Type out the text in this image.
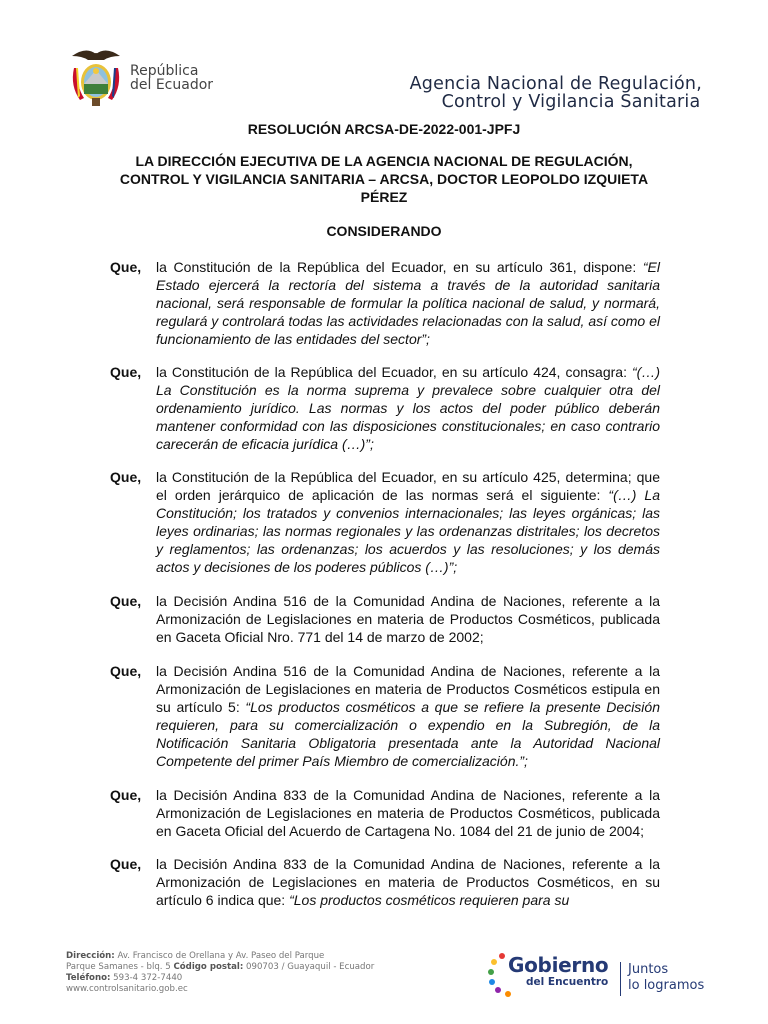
República
del Ecuador	Agencia Nacional de Regulación,
Control y Vigilancia Sanitaria
RESOLUCIÓN ARCSA-DE-2022-001-JPFJ
LA DIRECCIÓN EJECUTIVA DE LA AGENCIA NACIONAL DE REGULACIÓN, CONTROL Y VIGILANCIA SANITARIA – ARCSA, DOCTOR LEOPOLDO IZQUIETA PÉREZ
CONSIDERANDO
Que, la Constitución de la República del Ecuador, en su artículo 361, dispone: “El Estado ejercerá la rectoría del sistema a través de la autoridad sanitaria nacional, será responsable de formular la política nacional de salud, y normará, regulará y controlará todas las actividades relacionadas con la salud, así como el funcionamiento de las entidades del sector”;
Que, la Constitución de la República del Ecuador, en su artículo 424, consagra: “(…) La Constitución es la norma suprema y prevalece sobre cualquier otra del ordenamiento jurídico. Las normas y los actos del poder público deberán mantener conformidad con las disposiciones constitucionales; en caso contrario carecerán de eficacia jurídica (…)”;
Que, la Constitución de la República del Ecuador, en su artículo 425, determina; que el orden jerárquico de aplicación de las normas será el siguiente: “(…) La Constitución; los tratados y convenios internacionales; las leyes orgánicas; las leyes ordinarias; las normas regionales y las ordenanzas distritales; los decretos y reglamentos; las ordenanzas; los acuerdos y las resoluciones; y los demás actos y decisiones de los poderes públicos (…)”;
Que, la Decisión Andina 516 de la Comunidad Andina de Naciones, referente a la Armonización de Legislaciones en materia de Productos Cosméticos, publicada en Gaceta Oficial Nro. 771 del 14 de marzo de 2002;
Que, la Decisión Andina 516 de la Comunidad Andina de Naciones, referente a la Armonización de Legislaciones en materia de Productos Cosméticos estipula en su artículo 5: “Los productos cosméticos a que se refiere la presente Decisión requieren, para su comercialización o expendio en la Subregión, de la Notificación Sanitaria Obligatoria presentada ante la Autoridad Nacional Competente del primer País Miembro de comercialización.”;
Que, la Decisión Andina 833 de la Comunidad Andina de Naciones, referente a la Armonización de Legislaciones en materia de Productos Cosméticos, publicada en Gaceta Oficial del Acuerdo de Cartagena No. 1084 del 21 de junio de 2004;
Que, la Decisión Andina 833 de la Comunidad Andina de Naciones, referente a la Armonización de Legislaciones en materia de Productos Cosméticos, en su artículo 6 indica que: “Los productos cosméticos requieren para su
Dirección: Av. Francisco de Orellana y Av. Paseo del Parque
Parque Samanes - blq. 5 Código postal: 090703 / Guayaquil - Ecuador
Teléfono: 593-4 372-7440
www.controlsanitario.gob.ec
Gobierno
del Encuentro
Juntos
lo logramos
